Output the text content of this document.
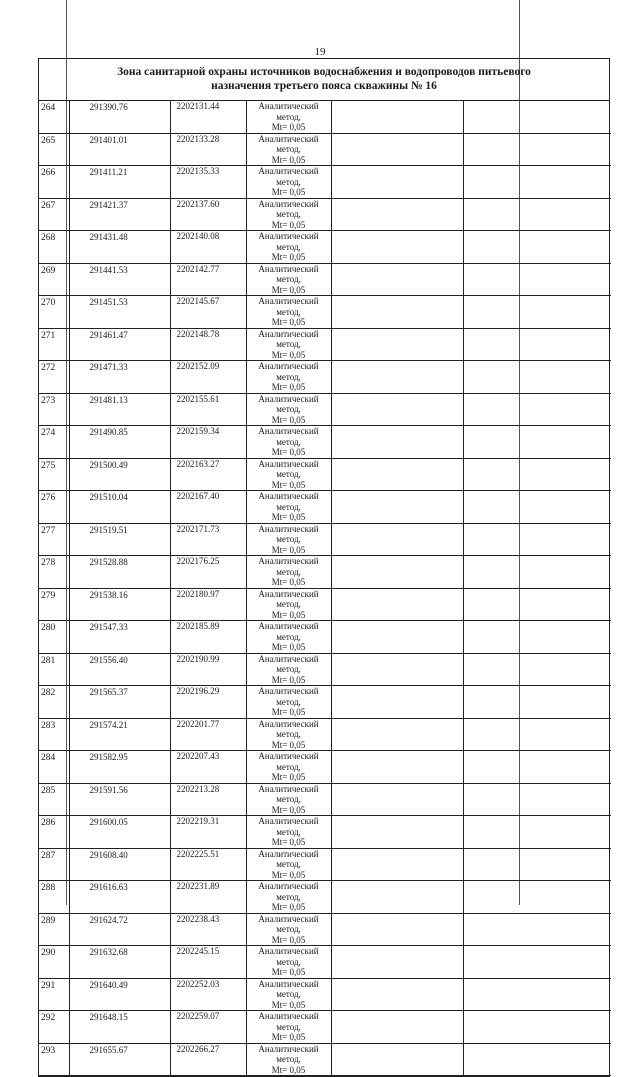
19
Зона санитарной охраны источников водоснабжения и водопроводов питьевого
назначения третьего пояса скважины № 16
264	291390.76	2202131.44	Аналитический метод,
Mt= 0,05		

265	291401.01	2202133.28	Аналитический метод,
Mt= 0,05		

266	291411.21	2202135.33	Аналитический метод,
Mt= 0,05		

267	291421.37	2202137.60	Аналитический метод,
Mt= 0,05		

268	291431.48	2202140.08	Аналитический метод,
Mt= 0,05		

269	291441.53	2202142.77	Аналитический метод,
Mt= 0,05		

270	291451.53	2202145.67	Аналитический метод,
Mt= 0,05		

271	291461.47	2202148.78	Аналитический метод,
Mt= 0,05		

272	291471.33	2202152.09	Аналитический метод,
Mt= 0,05		

273	291481.13	2202155.61	Аналитический метод,
Mt= 0,05		

274	291490.85	2202159.34	Аналитический метод,
Mt= 0,05		

275	291500.49	2202163.27	Аналитический метод,
Mt= 0,05		

276	291510.04	2202167.40	Аналитический метод,
Mt= 0,05		

277	291519.51	2202171.73	Аналитический метод,
Mt= 0,05		

278	291528.88	2202176.25	Аналитический метод,
Mt= 0,05		

279	291538.16	2202180.97	Аналитический метод,
Mt= 0,05		

280	291547.33	2202185.89	Аналитический метод,
Mt= 0,05		

281	291556.40	2202190.99	Аналитический метод,
Mt= 0,05		

282	291565.37	2202196.29	Аналитический метод,
Mt= 0,05		

283	291574.21	2202201.77	Аналитический метод,
Mt= 0,05		

284	291582.95	2202207.43	Аналитический метод,
Mt= 0,05		

285	291591.56	2202213.28	Аналитический метод,
Mt= 0,05		

286	291600.05	2202219.31	Аналитический метод,
Mt= 0,05		

287	291608.40	2202225.51	Аналитический метод,
Mt= 0,05		

288	291616.63	2202231.89	Аналитический метод,
Mt= 0,05		

289	291624.72	2202238.43	Аналитический метод,
Mt= 0,05		

290	291632.68	2202245.15	Аналитический метод,
Mt= 0,05		

291	291640.49	2202252.03	Аналитический метод,
Mt= 0,05		

292	291648.15	2202259.07	Аналитический метод,
Mt= 0,05		

293	291655.67	2202266.27	Аналитический метод,
Mt= 0,05		
